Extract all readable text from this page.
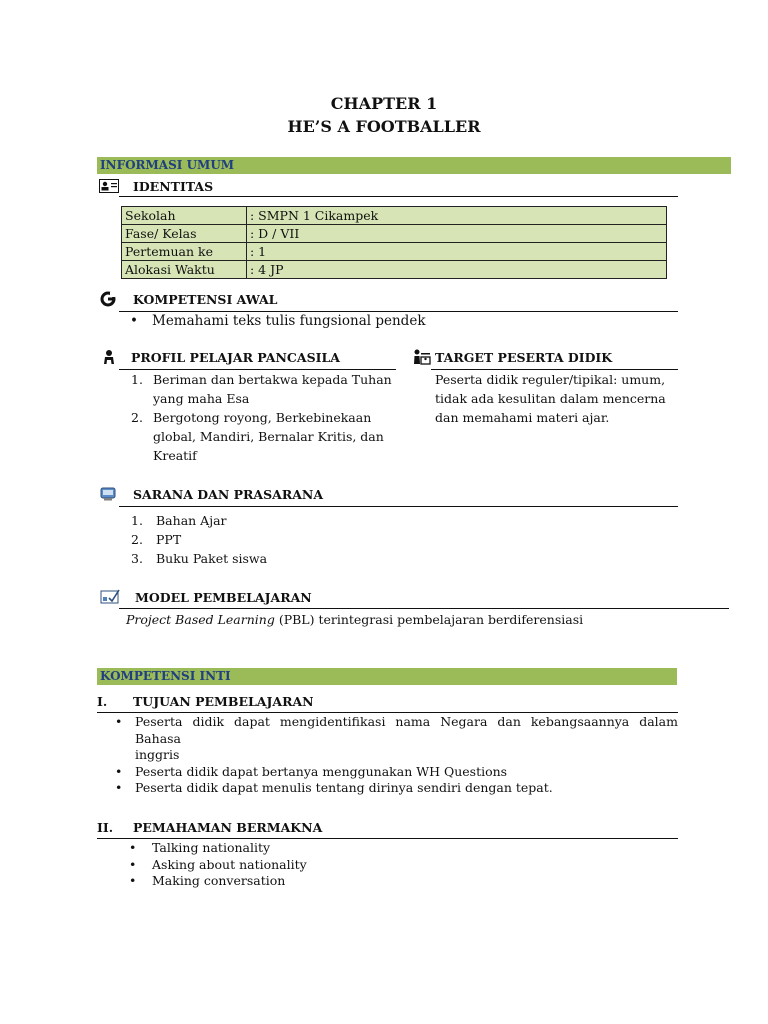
CHAPTER 1
HE’S A FOOTBALLER
INFORMASI UMUM
IDENTITAS
Sekolah	: SMPN 1 Cikampek
Fase/ Kelas	: D / VII
Pertemuan ke	: 1
Alokasi Waktu	: 4 JP
KOMPETENSI AWAL
• Memahami teks tulis fungsional pendek
PROFIL PELAJAR PANCASILA
1. Beriman dan bertakwa kepada Tuhan
yang maha Esa
2. Bergotong royong, Berkebinekaan
global, Mandiri, Bernalar Kritis, dan
Kreatif
TARGET PESERTA DIDIK
Peserta didik reguler/tipikal: umum,
tidak ada kesulitan dalam mencerna
dan memahami materi ajar.
SARANA DAN PRASARANA
1. Bahan Ajar
2. PPT
3. Buku Paket siswa
MODEL PEMBELAJARAN
Project Based Learning (PBL) terintegrasi pembelajaran berdiferensiasi
KOMPETENSI INTI
I. TUJUAN PEMBELAJARAN
• Peserta didik dapat mengidentifikasi nama Negara dan kebangsaannya dalam Bahasa
inggris
• Peserta didik dapat bertanya menggunakan WH Questions
• Peserta didik dapat menulis tentang dirinya sendiri dengan tepat.
II. PEMAHAMAN BERMAKNA
• Talking nationality
• Asking about nationality
• Making conversation
